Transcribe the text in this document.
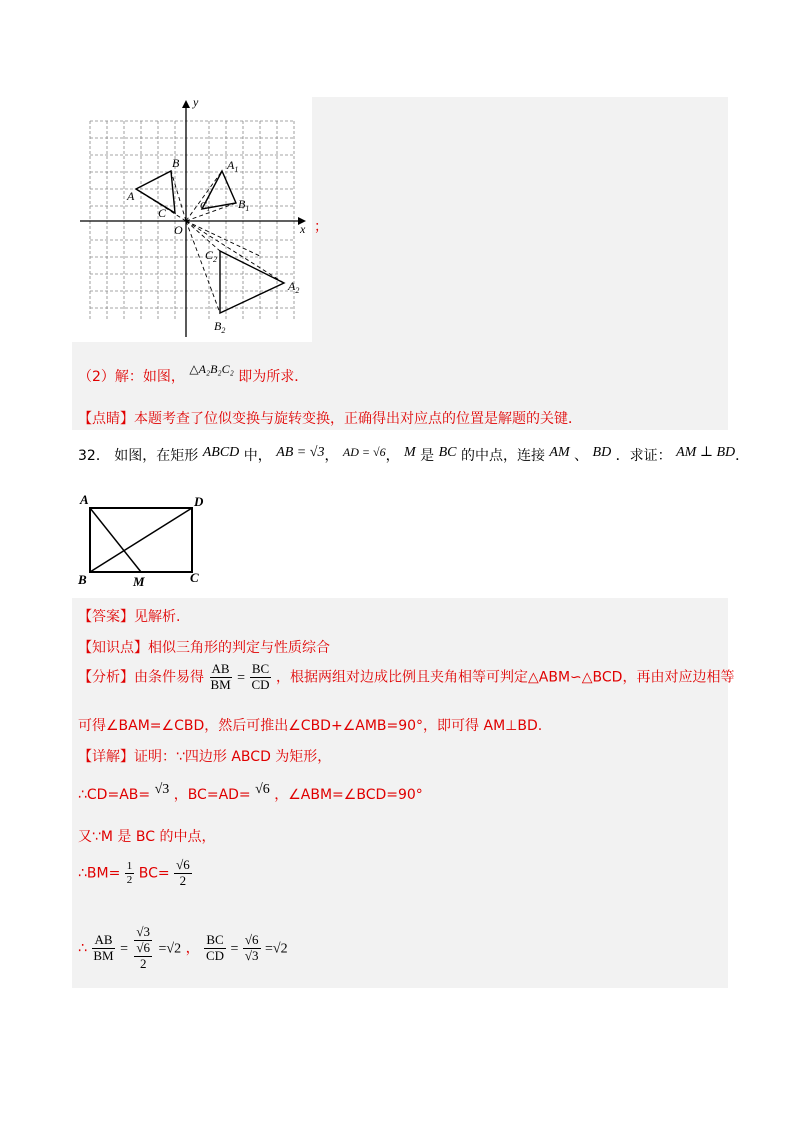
y
x
O
A
B
C
$A_1$
$B_1$
$C_1$
$A_2$
$B_2$
$C_2$
；
（2）解：如图， △A₂B₂C₂ 即为所求．
【点睛】本题考查了位似变换与旋转变换，正确得出对应点的位置是解题的关键．
32． 如图，在矩形 ABCD 中， AB = √3， AD = √6， M 是 BC 的中点，连接 AM 、 BD ．求证： AM ⊥ BD．
A	D
B	M	C
【答案】见解析.
【知识点】相似三角形的判定与性质综合
【分析】由条件易得 $\frac{AB}{BM} = \frac{BC}{CD}$ ，根据两组对边成比例且夹角相等可判定△ABM∽△BCD，再由对应边相等
可得∠BAM=∠CBD，然后可推出∠CBD+∠AMB=90°，即可得 AM⊥BD.
【详解】证明：∵四边形 ABCD 为矩形，
∴CD=AB= √3 ，BC=AD= √6 ，∠ABM=∠BCD=90°
又∵M 是 BC 的中点，
∴BM= $\frac{1}{2} BC= \frac{√6}{2}$
∴ $\frac{AB}{BM} = √3$
√6
2 =√2 ， $\frac{BC}{CD} = \frac{√6}{√3} =√2$
